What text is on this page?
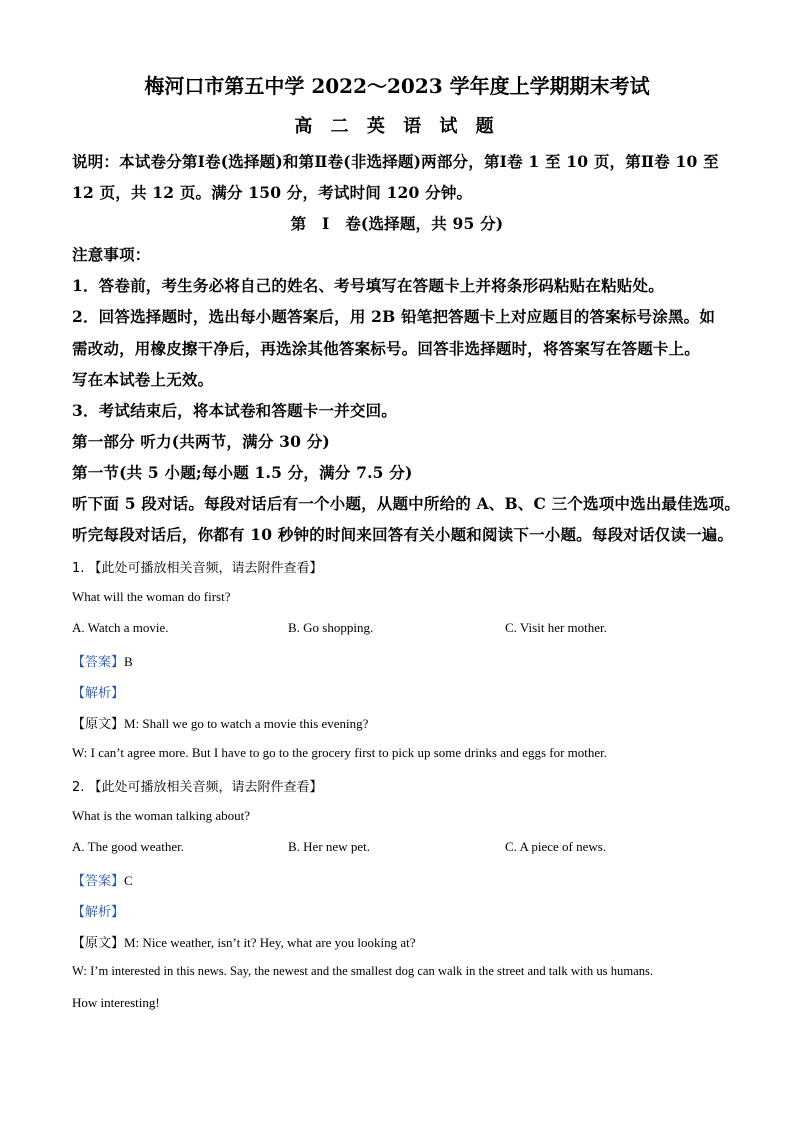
梅河口市第五中学 2022～2023 学年度上学期期末考试
高 二 英 语 试 题
说明：本试卷分第Ⅰ卷(选择题)和第Ⅱ卷(非选择题)两部分，第Ⅰ卷 1 至 10 页，第Ⅱ卷 10 至
12 页，共 12 页。满分 150 分，考试时间 120 分钟。
第　Ⅰ　卷(选择题，共 95 分)
注意事项：
1．答卷前，考生务必将自己的姓名、考号填写在答题卡上并将条形码粘贴在粘贴处。
2．回答选择题时，选出每小题答案后，用 2B 铅笔把答题卡上对应题目的答案标号涂黑。如
需改动，用橡皮擦干净后，再选涂其他答案标号。回答非选择题时，将答案写在答题卡上。
写在本试卷上无效。
3．考试结束后，将本试卷和答题卡一并交回。
第一部分 听力(共两节，满分 30 分)
第一节(共 5 小题;每小题 1.5 分，满分 7.5 分)
听下面 5 段对话。每段对话后有一个小题，从题中所给的 A、B、C 三个选项中选出最佳选项。
听完每段对话后，你都有 10 秒钟的时间来回答有关小题和阅读下一小题。每段对话仅读一遍。
1. 【此处可播放相关音频，请去附件查看】
What will the woman do first?
A. Watch a movie.	B. Go shopping.	C. Visit her mother.
【答案】B
【解析】
【原文】M: Shall we go to watch a movie this evening?
W: I can’t agree more. But I have to go to the grocery first to pick up some drinks and eggs for mother.
2. 【此处可播放相关音频，请去附件查看】
What is the woman talking about?
A. The good weather.	B. Her new pet.	C. A piece of news.
【答案】C
【解析】
【原文】M: Nice weather, isn’t it? Hey, what are you looking at?
W: I’m interested in this news. Say, the newest and the smallest dog can walk in the street and talk with us humans.
How interesting!
